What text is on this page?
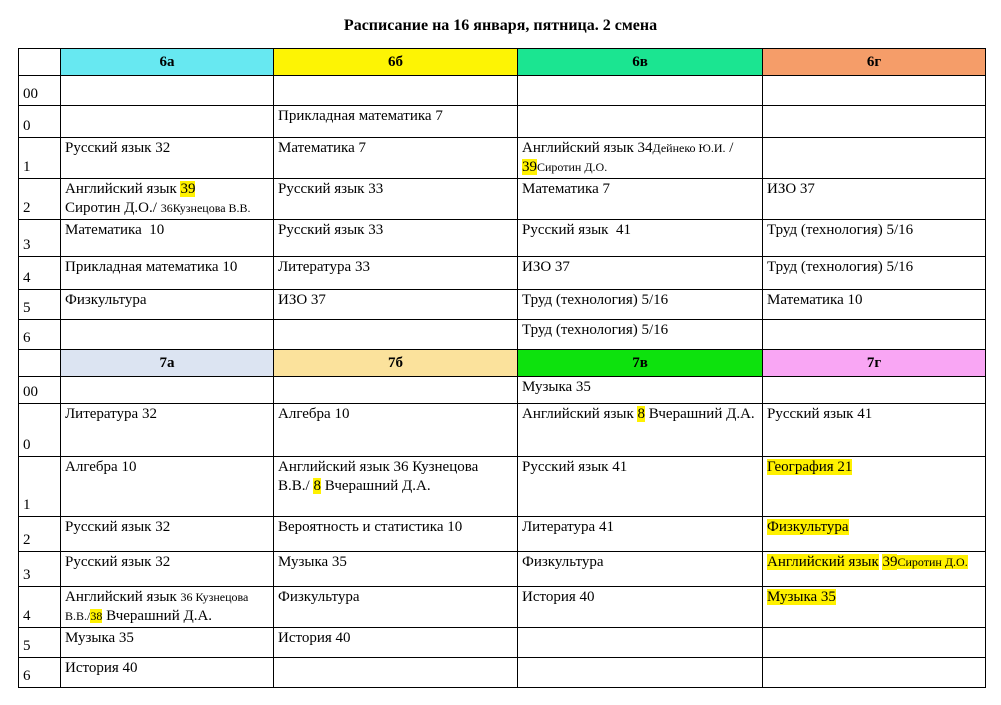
Расписание на 16 января, пятница. 2 смена
	6а	6б	6в	6г
00				
0		Прикладная математика 7		
1	Русский язык 32	Математика 7	Английский язык 34Дейнеко Ю.И. /
39Сиротин Д.О.	
2	Английский язык 39
Сиротин Д.О./ 36Кузнецова В.В.	Русский язык 33	Математика 7	ИЗО 37
3	Математика  10	Русский язык 33	Русский язык  41	Труд (технология) 5/16
4	Прикладная математика 10	Литература 33	ИЗО 37	Труд (технология) 5/16
5	Физкультура	ИЗО 37	Труд (технология) 5/16	Математика 10
6			Труд (технология) 5/16	
	7а	7б	7в	7г
00			Музыка 35	
0	Литература 32	Алгебра 10	Английский язык 8 Вчерашний Д.А.	Русский язык 41
1	Алгебра 10	Английский язык 36 Кузнецова В.В./ 8 Вчерашний Д.А.	Русский язык 41	География 21
2	Русский язык 32	Вероятность и статистика 10	Литература 41	Физкультура
3	Русский язык 32	Музыка 35	Физкультура	Английский язык 39Сиротин Д.О.
4	Английский язык 36 Кузнецова
В.В./38 Вчерашний Д.А.	Физкультура	История 40	Музыка 35
5	Музыка 35	История 40		
6	История 40			
